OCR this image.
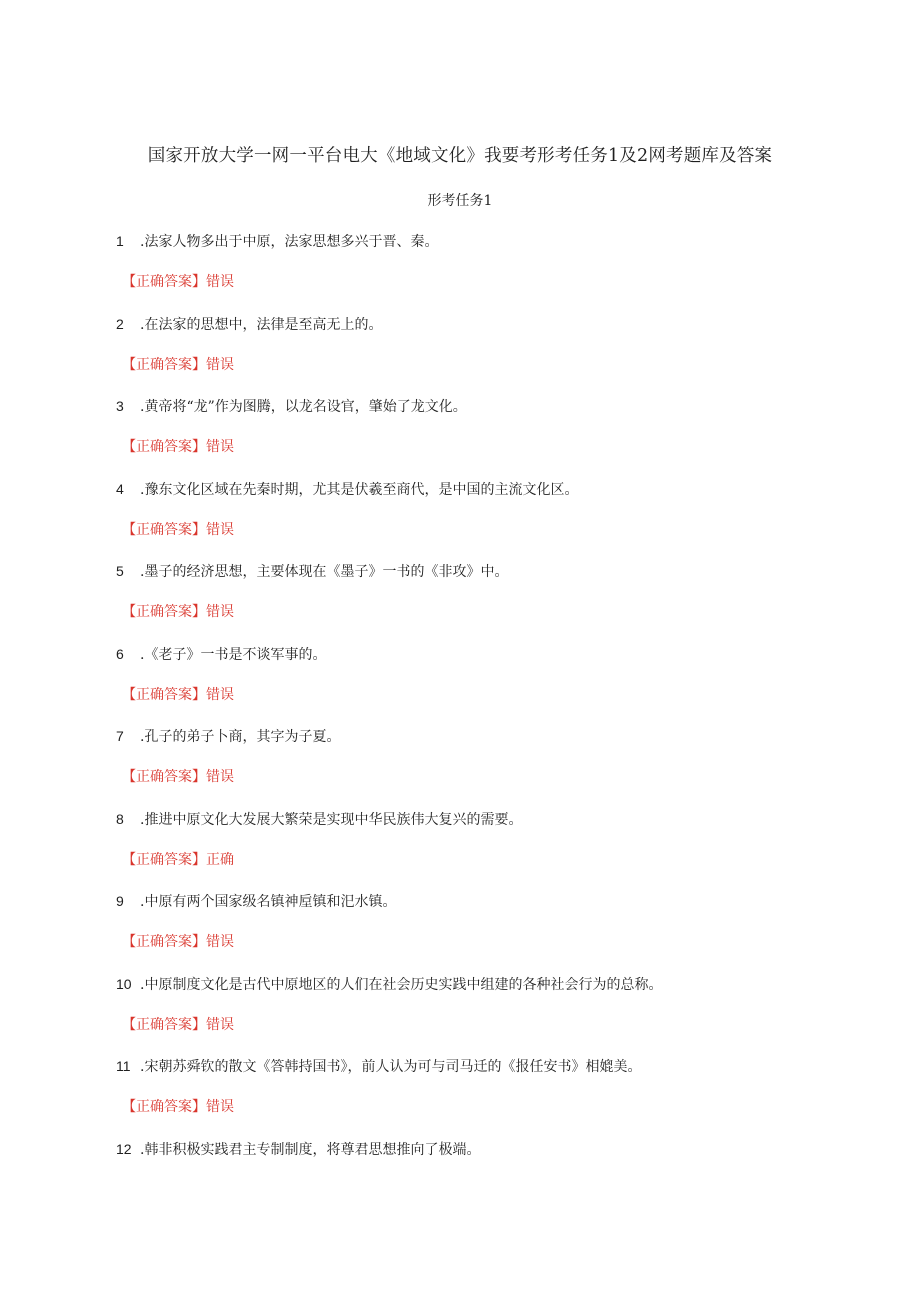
国家开放大学一网一平台电大《地域文化》我要考形考任务1及2网考题库及答案
形考任务1
1 .法家人物多出于中原，法家思想多兴于晋、秦。
【正确答案】错误
2 .在法家的思想中，法律是至高无上的。
【正确答案】错误
3 .黄帝将“龙”作为图腾，以龙名设官，肇始了龙文化。
【正确答案】错误
4 .豫东文化区域在先秦时期，尤其是伏羲至商代，是中国的主流文化区。
【正确答案】错误
5 .墨子的经济思想，主要体现在《墨子》一书的《非攻》中。
【正确答案】错误
6 .《老子》一书是不谈军事的。
【正确答案】错误
7 .孔子的弟子卜商，其字为子夏。
【正确答案】错误
8 .推进中原文化大发展大繁荣是实现中华民族伟大复兴的需要。
【正确答案】正确
9 .中原有两个国家级名镇神垕镇和汜水镇。
【正确答案】错误
10 .中原制度文化是古代中原地区的人们在社会历史实践中组建的各种社会行为的总称。
【正确答案】错误
11 .宋朝苏舜钦的散文《答韩持国书》，前人认为可与司马迁的《报任安书》相媲美。
【正确答案】错误
12 .韩非积极实践君主专制制度，将尊君思想推向了极端。
